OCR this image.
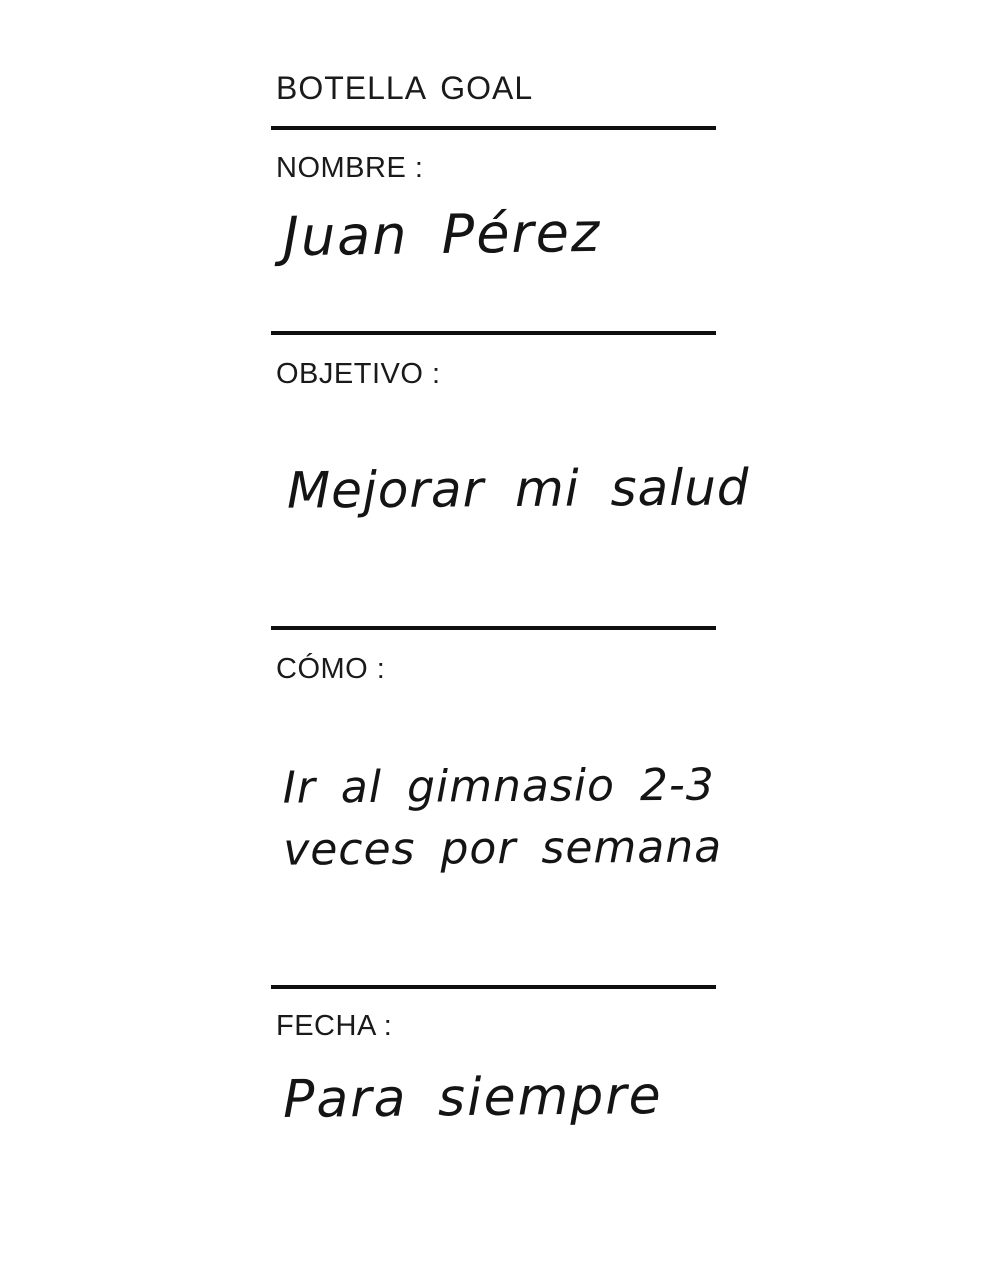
BOTELLA GOAL
NOMBRE :
Juan Pérez
OBJETIVO :
Mejorar mi salud
CÓMO :
Ir al gimnasio 2-3 veces por semana
FECHA :
Para siempre
